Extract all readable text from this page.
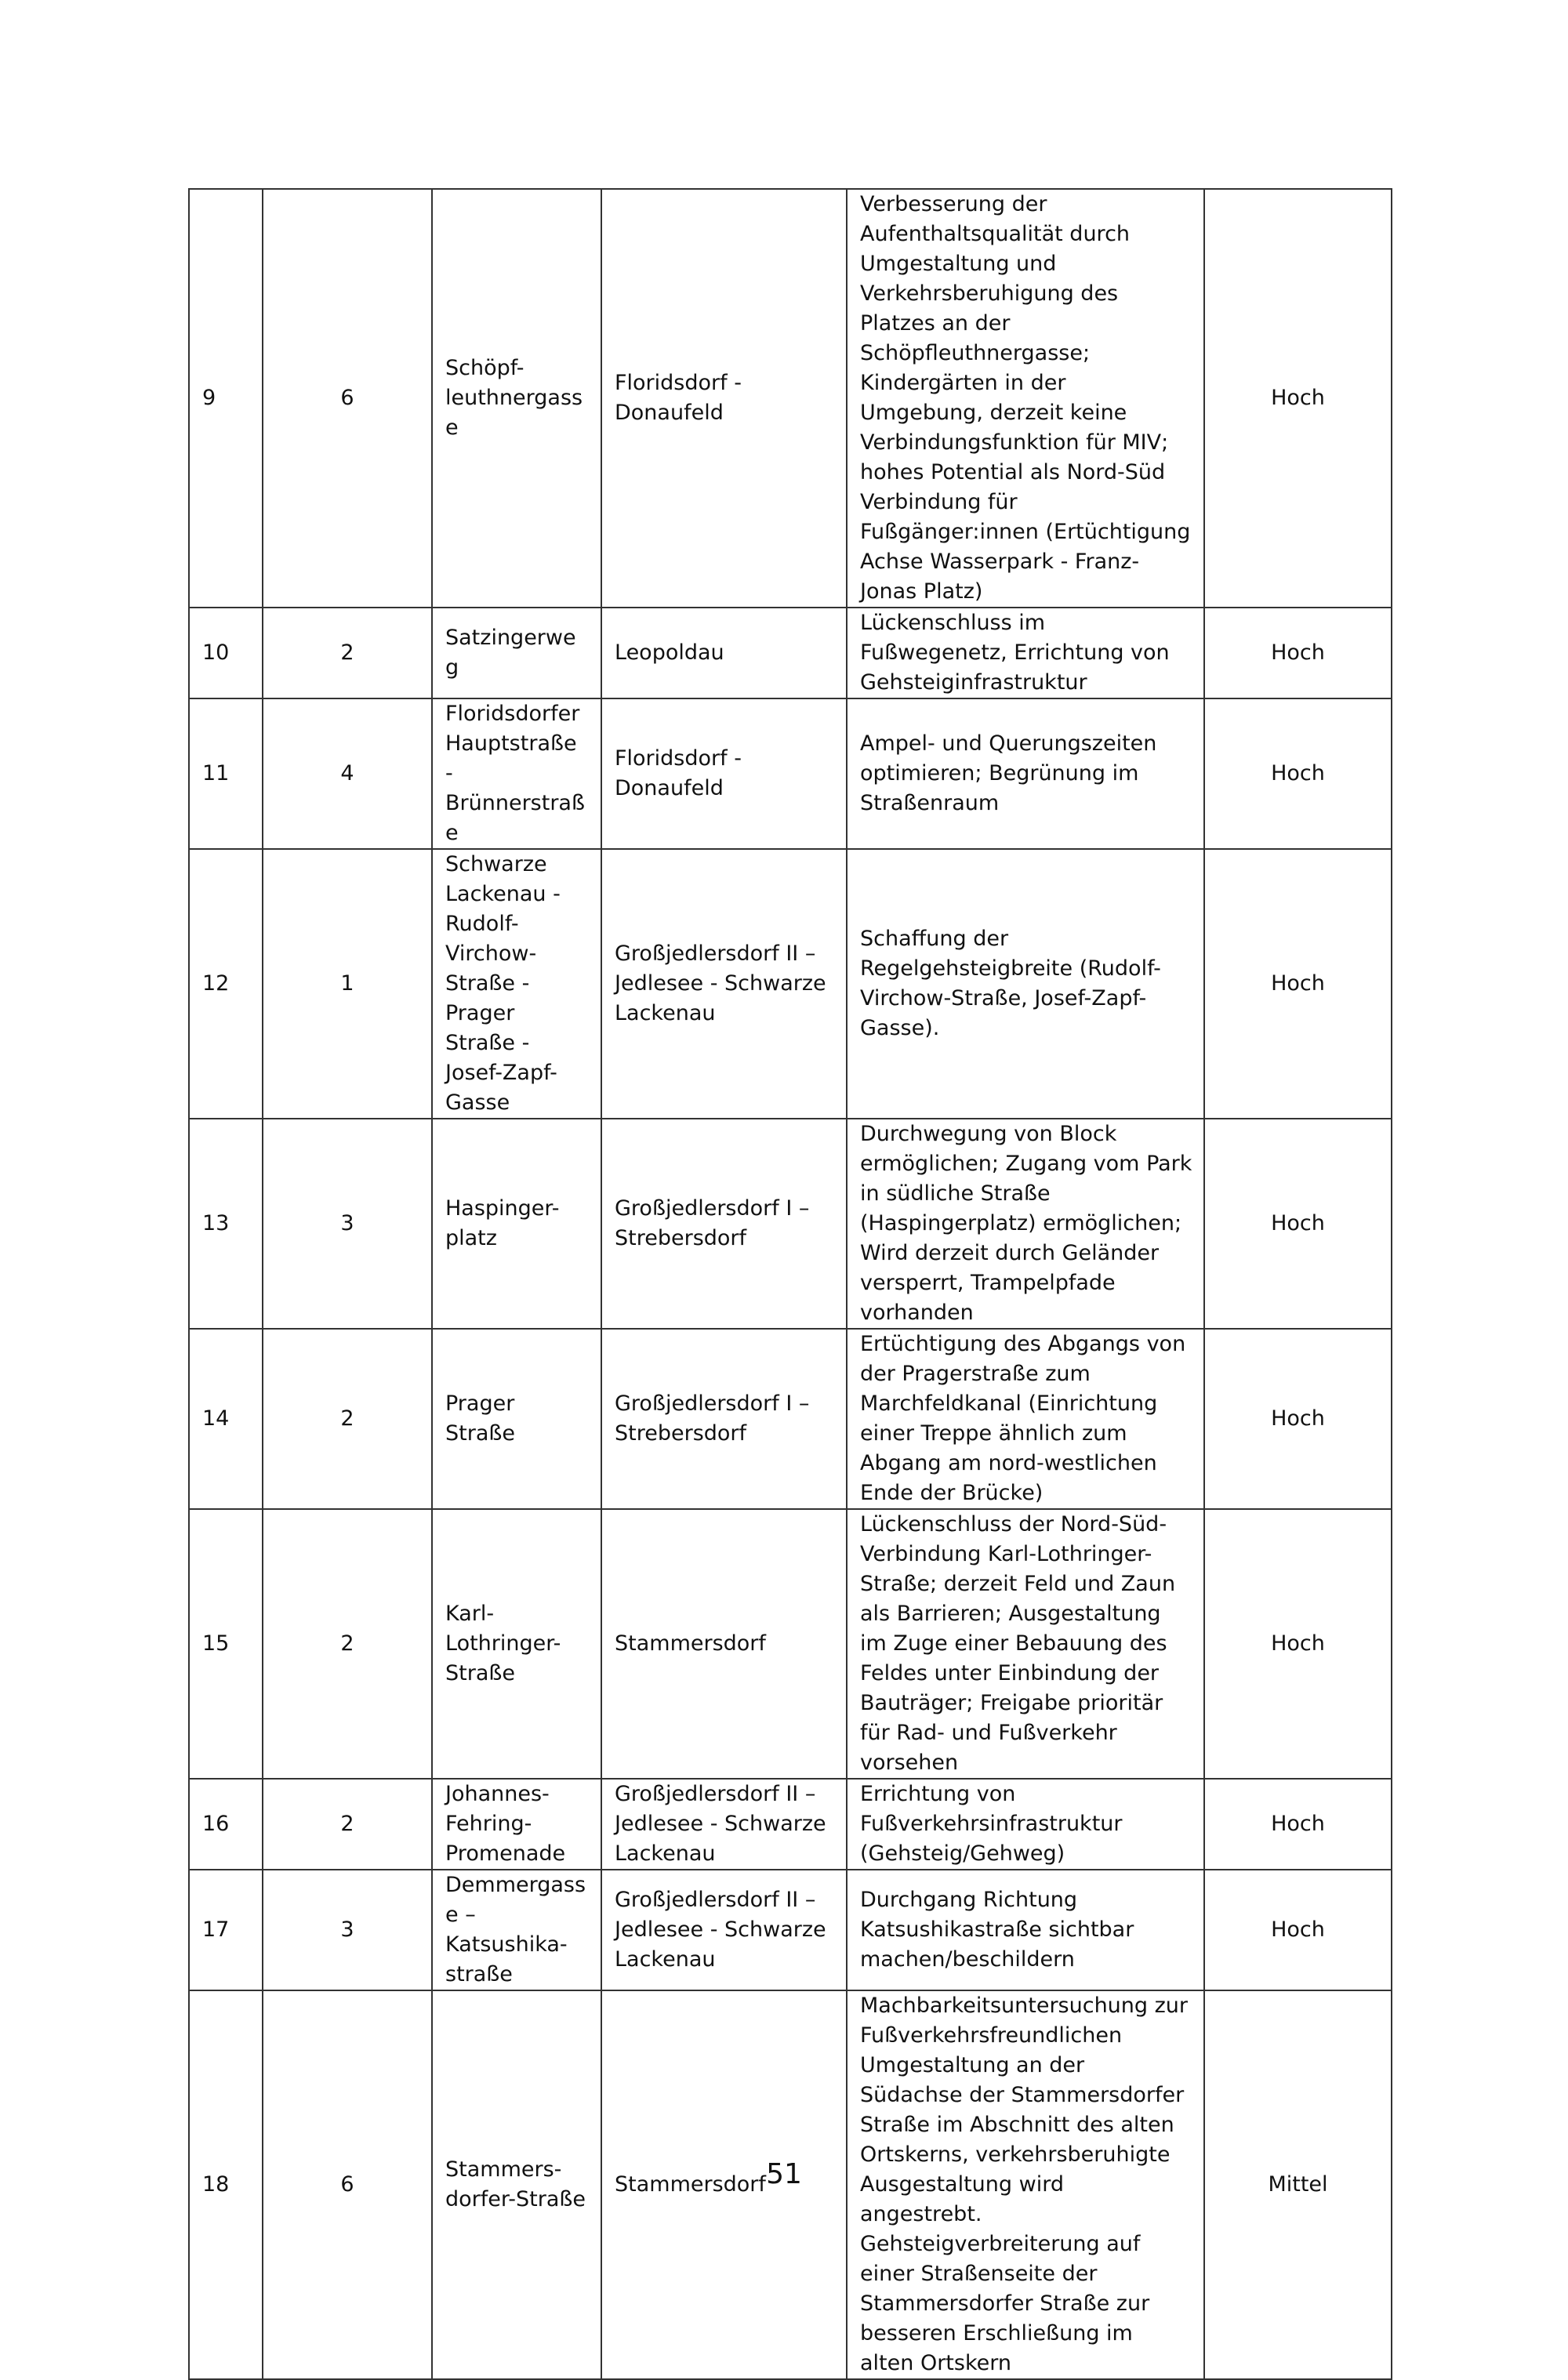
9	6	Schöpf-leuthnergasse	Floridsdorf - Donaufeld	Verbesserung der Aufenthaltsqualität durch Umgestaltung und Verkehrsberuhigung des Platzes an der Schöpfleuthnergasse; Kindergärten in der Umgebung, derzeit keine Verbindungsfunktion für MIV; hohes Potential als Nord-Süd Verbindung für Fußgänger:innen (Ertüchtigung Achse Wasserpark - Franz-Jonas Platz)	Hoch
10	2	Satzingerweg	Leopoldau	Lückenschluss im Fußwegenetz, Errichtung von Gehsteiginfrastruktur	Hoch
11	4	Floridsdorfer Hauptstraße - Brünnerstraße	Floridsdorf - Donaufeld	Ampel- und Querungszeiten optimieren; Begrünung im Straßenraum	Hoch
12	1	Schwarze Lackenau - Rudolf-Virchow-Straße - Prager Straße - Josef-Zapf-Gasse	Großjedlersdorf II – Jedlesee - Schwarze Lackenau	Schaffung der Regelgehsteigbreite (Rudolf-Virchow-Straße, Josef-Zapf-Gasse).	Hoch
13	3	Haspinger-platz	Großjedlersdorf I – Strebersdorf	Durchwegung von Block ermöglichen; Zugang vom Park in südliche Straße (Haspingerplatz) ermöglichen; Wird derzeit durch Geländer versperrt, Trampelpfade vorhanden	Hoch
14	2	Prager Straße	Großjedlersdorf I – Strebersdorf	Ertüchtigung des Abgangs von der Pragerstraße zum Marchfeldkanal (Einrichtung einer Treppe ähnlich zum Abgang am nord-westlichen Ende der Brücke)	Hoch
15	2	Karl-Lothringer-Straße	Stammersdorf	Lückenschluss der Nord-Süd-Verbindung Karl-Lothringer-Straße; derzeit Feld und Zaun als Barrieren; Ausgestaltung im Zuge einer Bebauung des Feldes unter Einbindung der Bauträger; Freigabe prioritär für Rad- und Fußverkehr vorsehen	Hoch
16	2	Johannes-Fehring-Promenade	Großjedlersdorf II – Jedlesee - Schwarze Lackenau	Errichtung von Fußverkehrsinfrastruktur (Gehsteig/Gehweg)	Hoch
17	3	Demmergasse – Katsushika-straße	Großjedlersdorf II – Jedlesee - Schwarze Lackenau	Durchgang Richtung Katsushikastraße sichtbar machen/beschildern	Hoch
18	6	Stammers-dorfer-Straße	Stammersdorf	Machbarkeitsuntersuchung zur Fußverkehrsfreundlichen Umgestaltung an der Südachse der Stammersdorfer Straße im Abschnitt des alten Ortskerns, verkehrsberuhigte Ausgestaltung wird angestrebt. Gehsteigverbreiterung auf einer Straßenseite der Stammersdorfer Straße zur besseren Erschließung im alten Ortskern	Mittel
51
